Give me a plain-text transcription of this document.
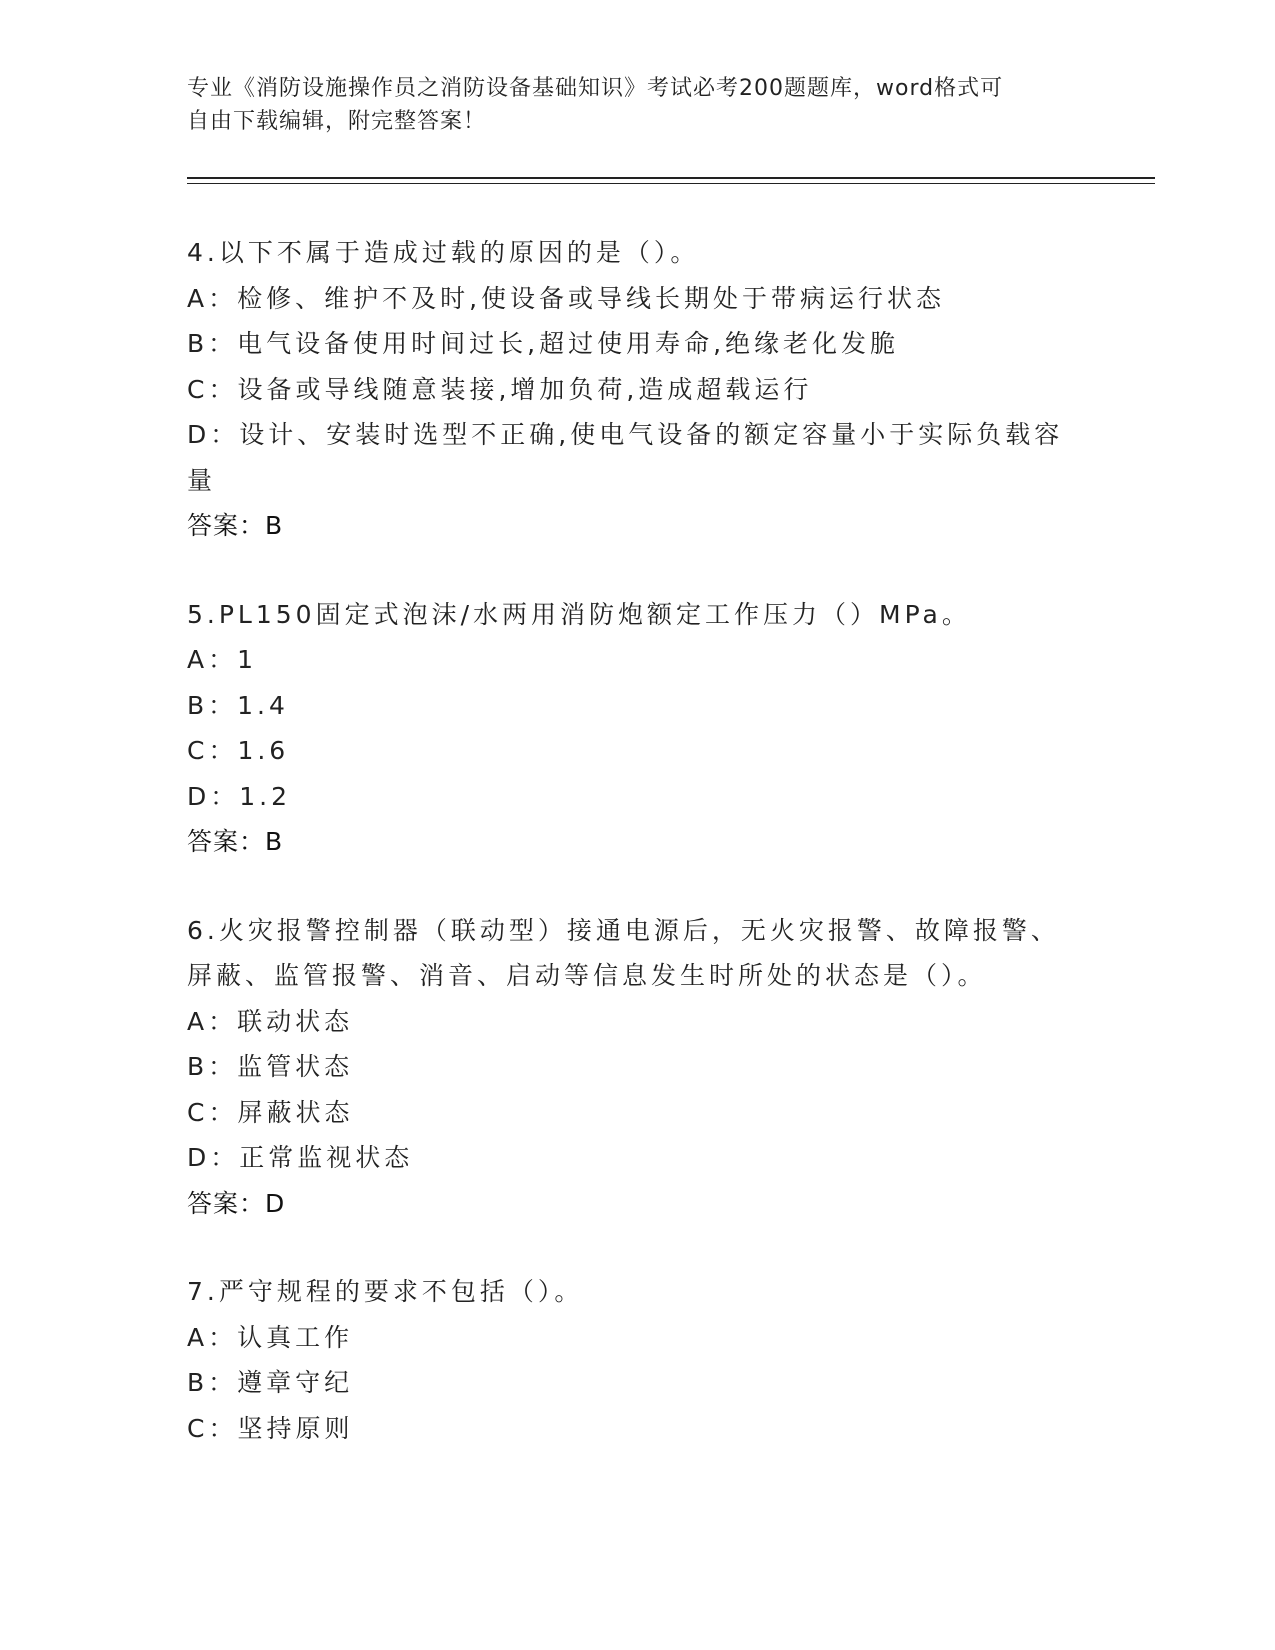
专业《消防设施操作员之消防设备基础知识》考试必考200题题库，word格式可
自由下载编辑，附完整答案！
4.以下不属于造成过载的原因的是（）。
A：检修、维护不及时,使设备或导线长期处于带病运行状态
B：电气设备使用时间过长,超过使用寿命,绝缘老化发脆
C：设备或导线随意装接,增加负荷,造成超载运行
D：设计、安装时选型不正确,使电气设备的额定容量小于实际负载容
量
答案：B
5.PL150固定式泡沫/水两用消防炮额定工作压力（）MPa。
A：1
B：1.4
C：1.6
D：1.2
答案：B
6.火灾报警控制器（联动型）接通电源后，无火灾报警、故障报警、
屏蔽、监管报警、消音、启动等信息发生时所处的状态是（）。
A：联动状态
B：监管状态
C：屏蔽状态
D：正常监视状态
答案：D
7.严守规程的要求不包括（）。
A：认真工作
B：遵章守纪
C：坚持原则
